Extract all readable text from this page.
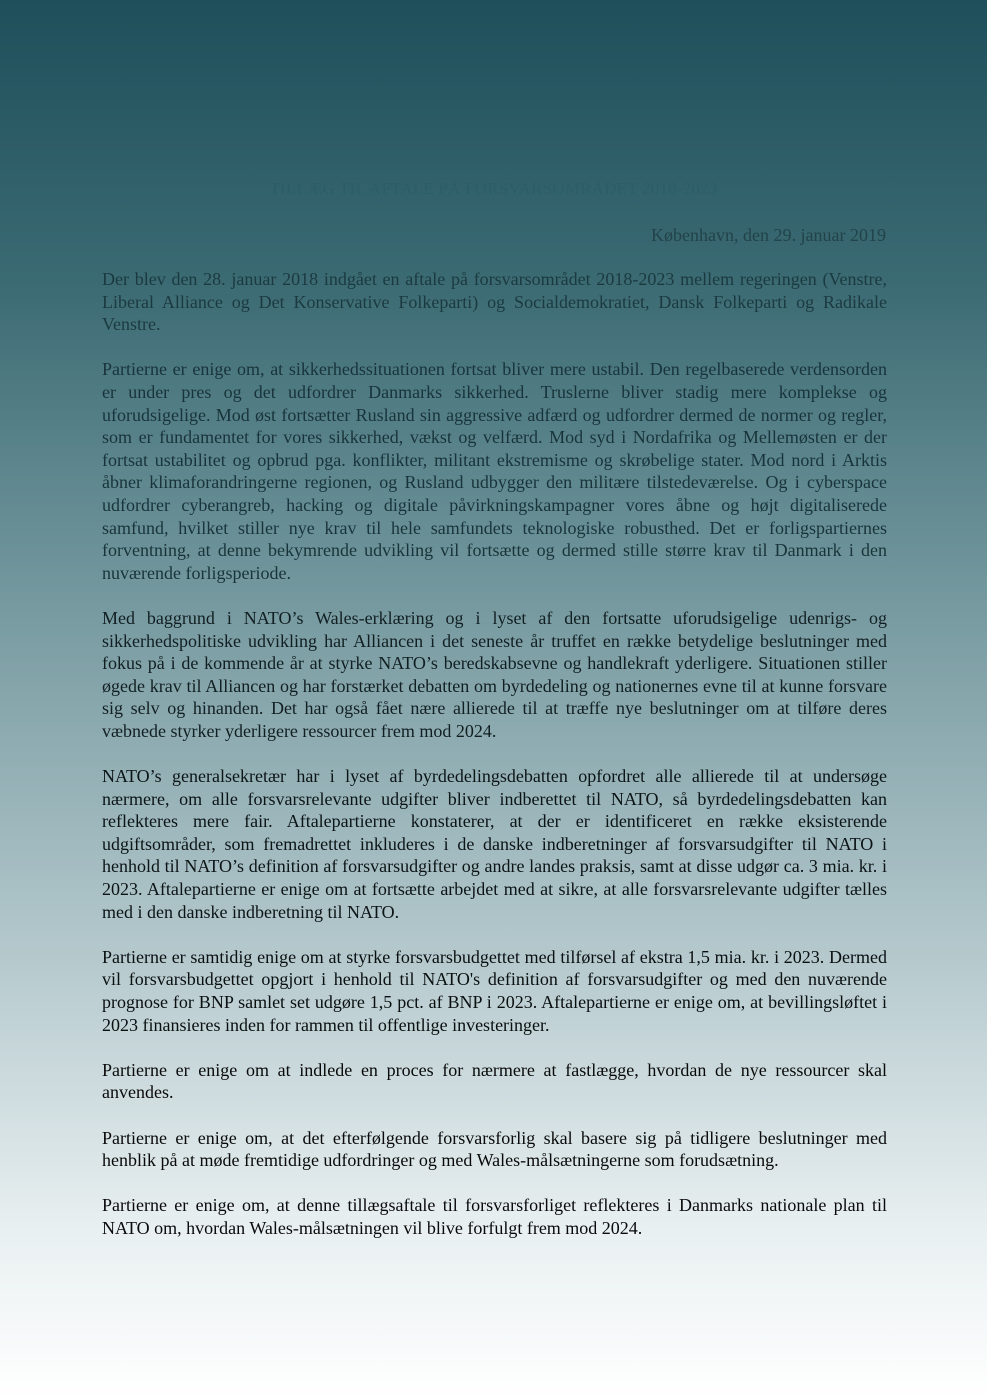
TILLÆG TIL AFTALE PÅ FORSVARSOMRÅDET 2018-2023

København, den 29. januar 2019

Der blev den 28. januar 2018 indgået en aftale på forsvarsområdet 2018-2023 mellem regeringen (Venstre, Liberal Alliance og Det Konservative Folkeparti) og Socialdemokratiet, Dansk Folkeparti og Radikale Venstre.

Partierne er enige om, at sikkerhedssituationen fortsat bliver mere ustabil. Den regelbaserede verdensorden er under pres og det udfordrer Danmarks sikkerhed. Truslerne bliver stadig mere komplekse og uforudsigelige. Mod øst fortsætter Rusland sin aggressive adfærd og udfordrer dermed de normer og regler, som er fundamentet for vores sikkerhed, vækst og velfærd. Mod syd i Nordafrika og Mellemøsten er der fortsat ustabilitet og opbrud pga. konflikter, militant ekstremisme og skrøbelige stater. Mod nord i Arktis åbner klimaforandringerne regionen, og Rusland udbygger den militære tilstedeværelse. Og i cyberspace udfordrer cyberangreb, hacking og digitale påvirkningskampagner vores åbne og højt digitaliserede samfund, hvilket stiller nye krav til hele samfundets teknologiske robusthed. Det er forligspartiernes forventning, at denne bekymrende udvikling vil fortsætte og dermed stille større krav til Danmark i den nuværende forligsperiode.

Med baggrund i NATO’s Wales-erklæring og i lyset af den fortsatte uforudsigelige udenrigs- og sikkerhedspolitiske udvikling har Alliancen i det seneste år truffet en række betydelige beslutninger med fokus på i de kommende år at styrke NATO’s beredskabsevne og handlekraft yderligere. Situationen stiller øgede krav til Alliancen og har forstærket debatten om byrdedeling og nationernes evne til at kunne forsvare sig selv og hinanden. Det har også fået nære allierede til at træffe nye beslutninger om at tilføre deres væbnede styrker yderligere ressourcer frem mod 2024.

NATO’s generalsekretær har i lyset af byrdedelingsdebatten opfordret alle allierede til at undersøge nærmere, om alle forsvarsrelevante udgifter bliver indberettet til NATO, så byrdedelingsdebatten kan reflekteres mere fair. Aftalepartierne konstaterer, at der er identificeret en række eksisterende udgiftsområder, som fremadrettet inkluderes i de danske indberetninger af forsvarsudgifter til NATO i henhold til NATO’s definition af forsvarsudgifter og andre landes praksis, samt at disse udgør ca. 3 mia. kr. i 2023. Aftalepartierne er enige om at fortsætte arbejdet med at sikre, at alle forsvarsrelevante udgifter tælles med i den danske indberetning til NATO.

Partierne er samtidig enige om at styrke forsvarsbudgettet med tilførsel af ekstra 1,5 mia. kr. i 2023. Dermed vil forsvarsbudgettet opgjort i henhold til NATO's definition af forsvarsudgifter og med den nuværende prognose for BNP samlet set udgøre 1,5 pct. af BNP i 2023. Aftalepartierne er enige om, at bevillingsløftet i 2023 finansieres inden for rammen til offentlige investeringer.

Partierne er enige om at indlede en proces for nærmere at fastlægge, hvordan de nye ressourcer skal anvendes.

Partierne er enige om, at det efterfølgende forsvarsforlig skal basere sig på tidligere beslutninger med henblik på at møde fremtidige udfordringer og med Wales-målsætningerne som forudsætning.

Partierne er enige om, at denne tillægsaftale til forsvarsforliget reflekteres i Danmarks nationale plan til NATO om, hvordan Wales-målsætningen vil blive forfulgt frem mod 2024.
